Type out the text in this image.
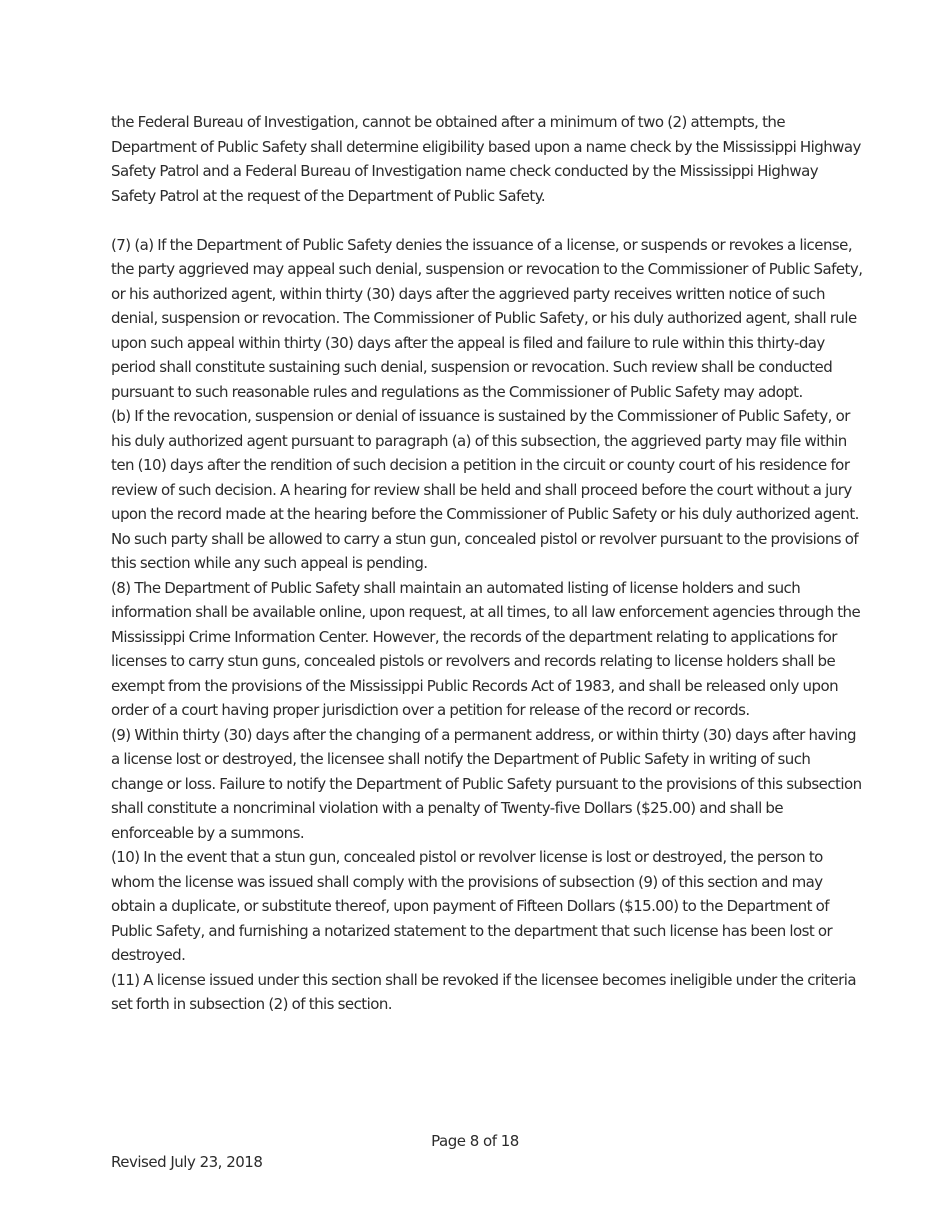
the Federal Bureau of Investigation, cannot be obtained after a minimum of two (2) attempts, the Department of Public Safety shall determine eligibility based upon a name check by the Mississippi Highway Safety Patrol and a Federal Bureau of Investigation name check conducted by the Mississippi Highway Safety Patrol at the request of the Department of Public Safety.

(7) (a) If the Department of Public Safety denies the issuance of a license, or suspends or revokes a license, the party aggrieved may appeal such denial, suspension or revocation to the Commissioner of Public Safety, or his authorized agent, within thirty (30) days after the aggrieved party receives written notice of such denial, suspension or revocation. The Commissioner of Public Safety, or his duly authorized agent, shall rule upon such appeal within thirty (30) days after the appeal is filed and failure to rule within this thirty-day period shall constitute sustaining such denial, suspension or revocation. Such review shall be conducted pursuant to such reasonable rules and regulations as the Commissioner of Public Safety may adopt.

(b) If the revocation, suspension or denial of issuance is sustained by the Commissioner of Public Safety, or his duly authorized agent pursuant to paragraph (a) of this subsection, the aggrieved party may file within ten (10) days after the rendition of such decision a petition in the circuit or county court of his residence for review of such decision. A hearing for review shall be held and shall proceed before the court without a jury upon the record made at the hearing before the Commissioner of Public Safety or his duly authorized agent. No such party shall be allowed to carry a stun gun, concealed pistol or revolver pursuant to the provisions of this section while any such appeal is pending.

(8) The Department of Public Safety shall maintain an automated listing of license holders and such information shall be available online, upon request, at all times, to all law enforcement agencies through the Mississippi Crime Information Center. However, the records of the department relating to applications for licenses to carry stun guns, concealed pistols or revolvers and records relating to license holders shall be exempt from the provisions of the Mississippi Public Records Act of 1983, and shall be released only upon order of a court having proper jurisdiction over a petition for release of the record or records.

(9) Within thirty (30) days after the changing of a permanent address, or within thirty (30) days after having a license lost or destroyed, the licensee shall notify the Department of Public Safety in writing of such change or loss. Failure to notify the Department of Public Safety pursuant to the provisions of this subsection shall constitute a noncriminal violation with a penalty of Twenty-five Dollars ($25.00) and shall be enforceable by a summons.

(10) In the event that a stun gun, concealed pistol or revolver license is lost or destroyed, the person to whom the license was issued shall comply with the provisions of subsection (9) of this section and may obtain a duplicate, or substitute thereof, upon payment of Fifteen Dollars ($15.00) to the Department of Public Safety, and furnishing a notarized statement to the department that such license has been lost or destroyed.

(11) A license issued under this section shall be revoked if the licensee becomes ineligible under the criteria set forth in subsection (2) of this section.

Page 8 of 18
Revised July 23, 2018
